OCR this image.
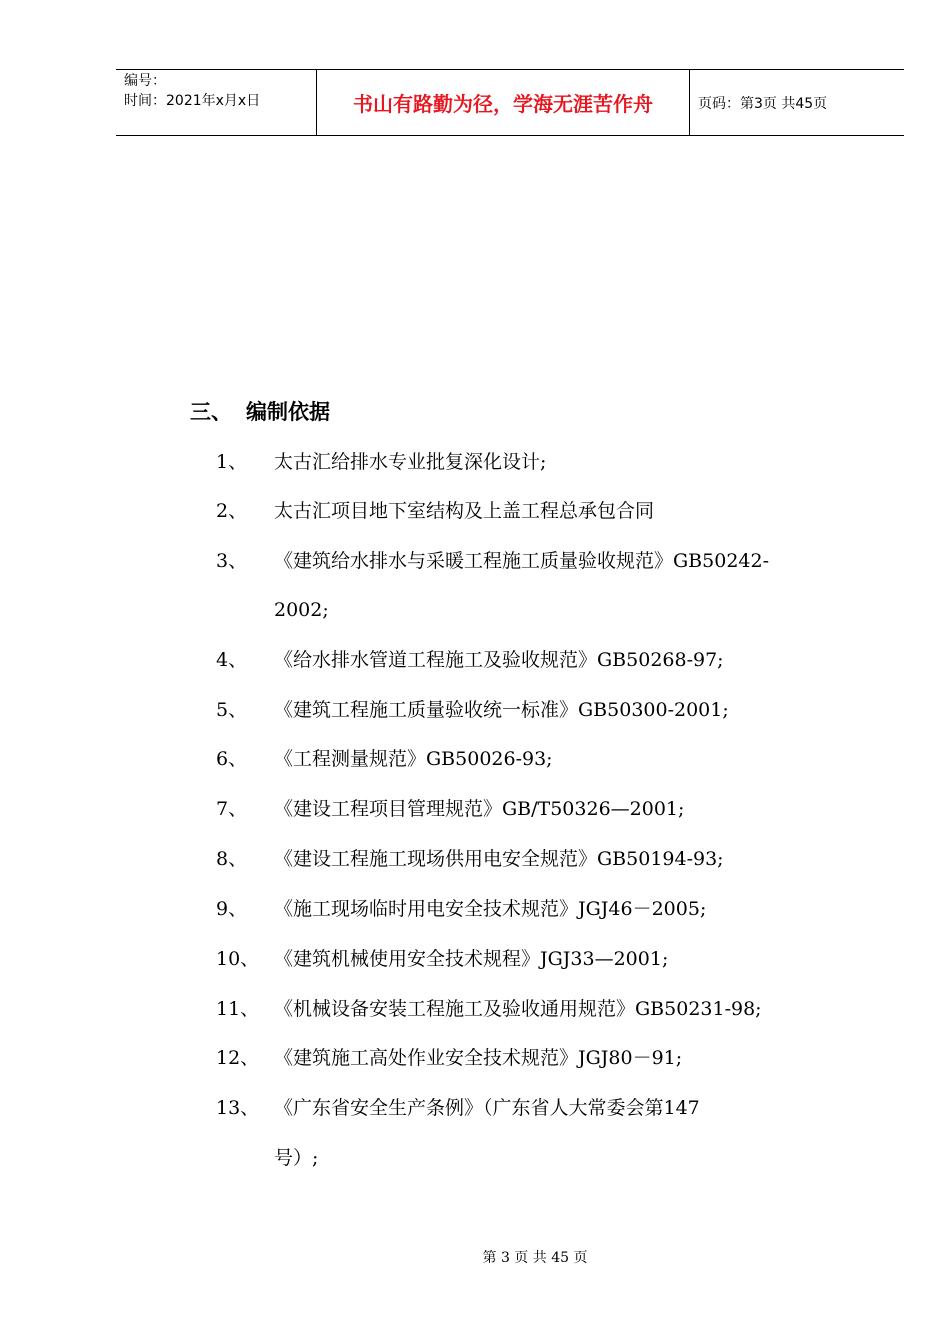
编号：
时间：2021年x月x日	书山有路勤为径，学海无涯苦作舟	页码：第3页 共45页
三、 编制依据
1、 太古汇给排水专业批复深化设计;
2、 太古汇项目地下室结构及上盖工程总承包合同
3、 《建筑给水排水与采暖工程施工质量验收规范》GB50242-
2002;
4、 《给水排水管道工程施工及验收规范》GB50268-97;
5、 《建筑工程施工质量验收统一标准》GB50300-2001;
6、 《工程测量规范》GB50026-93;
7、 《建设工程项目管理规范》GB/T50326—2001;
8、 《建设工程施工现场供用电安全规范》GB50194-93;
9、 《施工现场临时用电安全技术规范》JGJ46－2005;
10、 《建筑机械使用安全技术规程》JGJ33—2001;
11、 《机械设备安装工程施工及验收通用规范》GB50231-98;
12、 《建筑施工高处作业安全技术规范》JGJ80－91;
13、 《广东省安全生产条例》（广东省人大常委会第147
号）;
第 3 页 共 45 页
